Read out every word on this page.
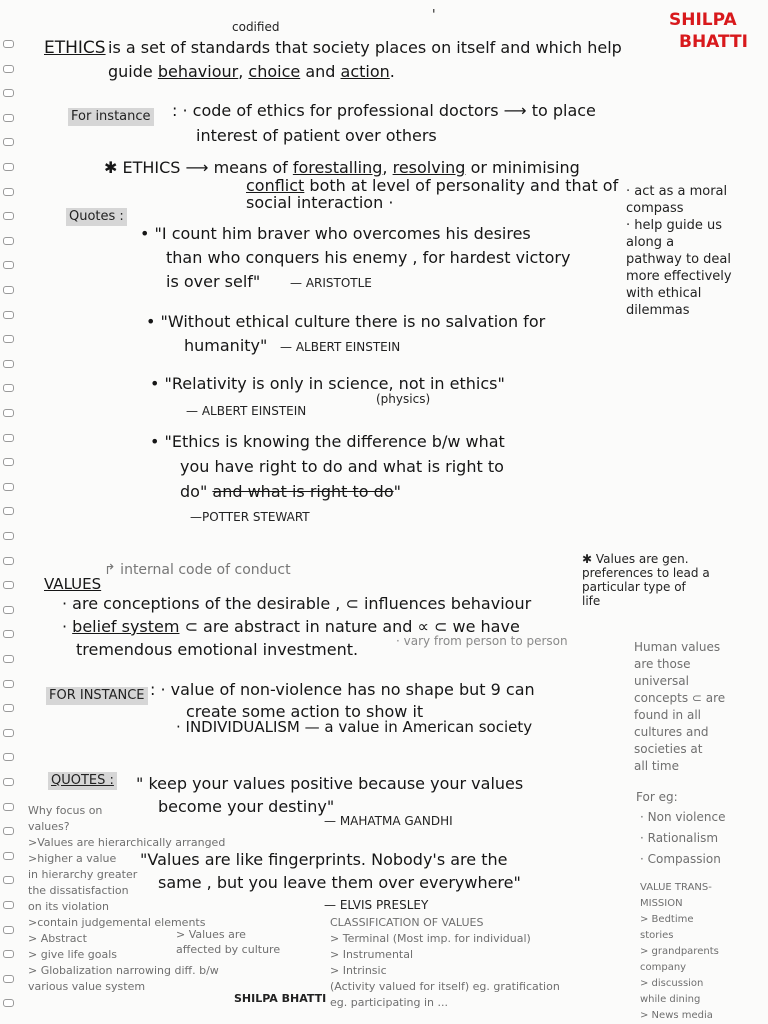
SHILPA
BHATTI
'
codified
ETHICS is a set of standards that society places on itself and which help
guide behaviour, choice and action.
For instance : · code of ethics for professional doctors ⟶ to place
interest of patient over others
✱ ETHICS ⟶ means of forestalling, resolving or minimising
conflict both at level of personality and that of
social interaction ·
· act as a moral
compass
· help guide us
along a
pathway to deal
more effectively
with ethical
dilemmas
Quotes :
• "I count him braver who overcomes his desires
than who conquers his enemy , for hardest victory
is over self" — ARISTOTLE
• "Without ethical culture there is no salvation for
humanity" — ALBERT EINSTEIN
• "Relativity is only in science, not in ethics"
(physics)
— ALBERT EINSTEIN
• "Ethics is knowing the difference b/w what
you have right to do and what is right to
do" and what is right to do"
—POTTER STEWART
VALUES
↱ internal code of conduct
✱ Values are gen.
preferences to lead a
particular type of
life
· are conceptions of the desirable , ⊂ influences behaviour
· belief system ⊂ are abstract in nature and ∝ ⊂ we have
tremendous emotional investment.	· vary from person to person
FOR INSTANCE : · value of non-violence has no shape but 9 can
create some action to show it
· INDIVIDUALISM — a value in American society
Human values
are those
universal
concepts ⊂ are
found in all
cultures and
societies at
all time
· Non violence
· Rationalism
· Compassion
For eg:
QUOTES : " keep your values positive because your values
become your destiny"
— MAHATMA GANDHI
"Values are like fingerprints. Nobody's are the
same , but you leave them over everywhere"
— ELVIS PRESLEY
Why focus on
values?
>Values are hierarchically arranged
>higher a value
in hierarchy greater
the dissatisfaction
on its violation
>contain judgemental elements
> Abstract
> give life goals
> Globalization narrowing diff. b/w
various value system
> Values are
affected by culture
CLASSIFICATION OF VALUES
> Terminal (Most imp. for individual)
> Instrumental
> Intrinsic
(Activity valued for itself) eg. gratification
eg. participating in ...
VALUE TRANS-
MISSION
> Bedtime
stories
> grandparents
company
> discussion
while dining
> News media
SHILPA BHATTI
